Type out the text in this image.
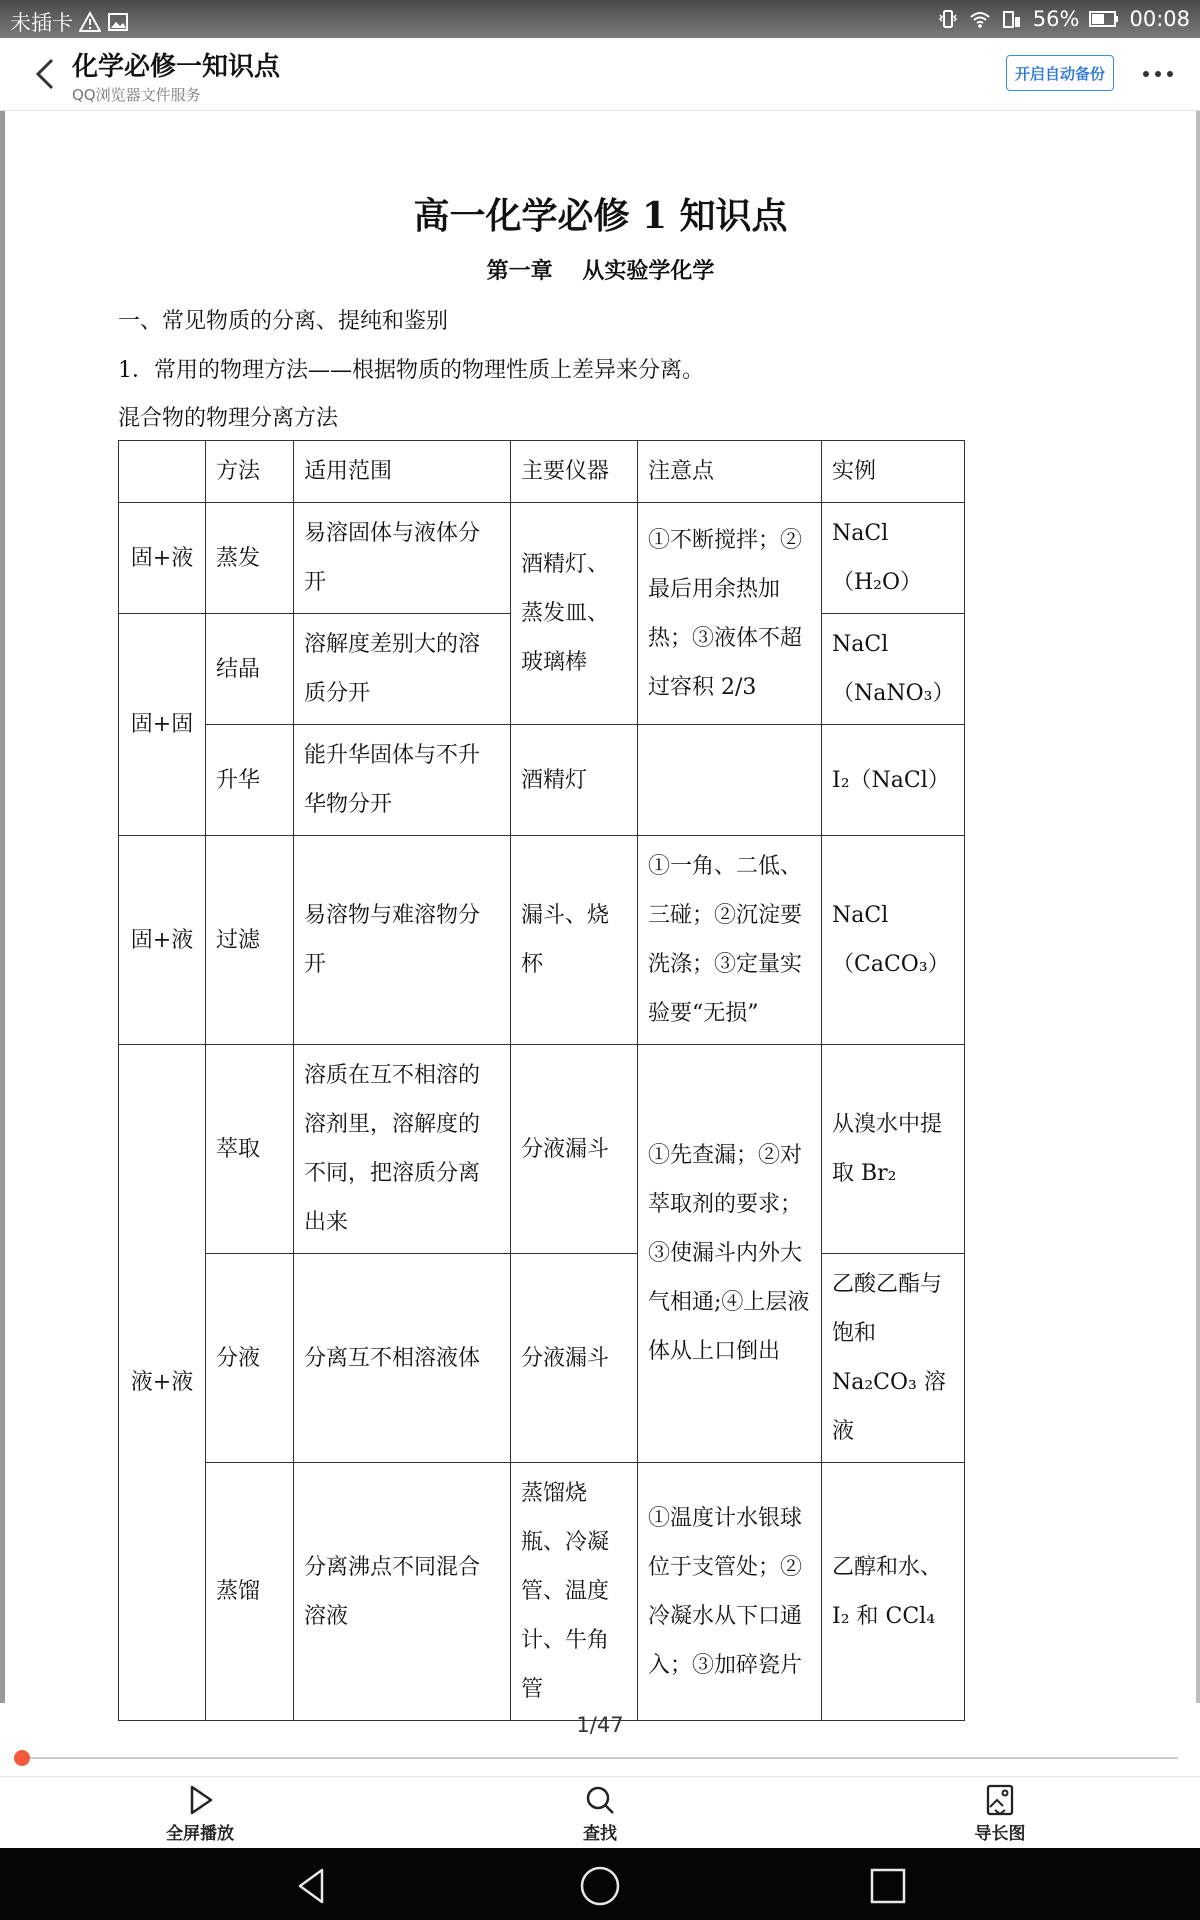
未插卡	56% 00:08
化学必修一知识点
QQ浏览器文件服务
开启自动备份
高一化学必修 1 知识点
第一章 从实验学化学
一、常见物质的分离、提纯和鉴别
1．常用的物理方法——根据物质的物理性质上差异来分离。
混合物的物理分离方法
	方法	适用范围	主要仪器	注意点	实例
固+液	蒸发	易溶固体与液体分开	酒精灯、蒸发皿、玻璃棒	①不断搅拌；②最后用余热加热；③液体不超过容积 2/3	NaCl（H₂O）
固+固	结晶	溶解度差别大的溶质分开			NaCl（NaNO₃）
	升华	能升华固体与不升华物分开	酒精灯		I₂（NaCl）
固+液	过滤	易溶物与难溶物分开	漏斗、烧杯	①一角、二低、三碰；②沉淀要洗涤；③定量实验要“无损”	NaCl（CaCO₃）
液+液	萃取	溶质在互不相溶的溶剂里，溶解度的不同，把溶质分离出来	分液漏斗	①先查漏；②对萃取剂的要求；③使漏斗内外大气相通;④上层液体从上口倒出	从溴水中提取 Br₂
	分液	分离互不相溶液体	分液漏斗		乙酸乙酯与饱和 Na₂CO₃ 溶液
	蒸馏	分离沸点不同混合溶液	蒸馏烧瓶、冷凝管、温度计、牛角管	①温度计水银球位于支管处；②冷凝水从下口通入；③加碎瓷片	乙醇和水、I₂ 和 CCl₄
1/47
全屏播放	查找	导长图
